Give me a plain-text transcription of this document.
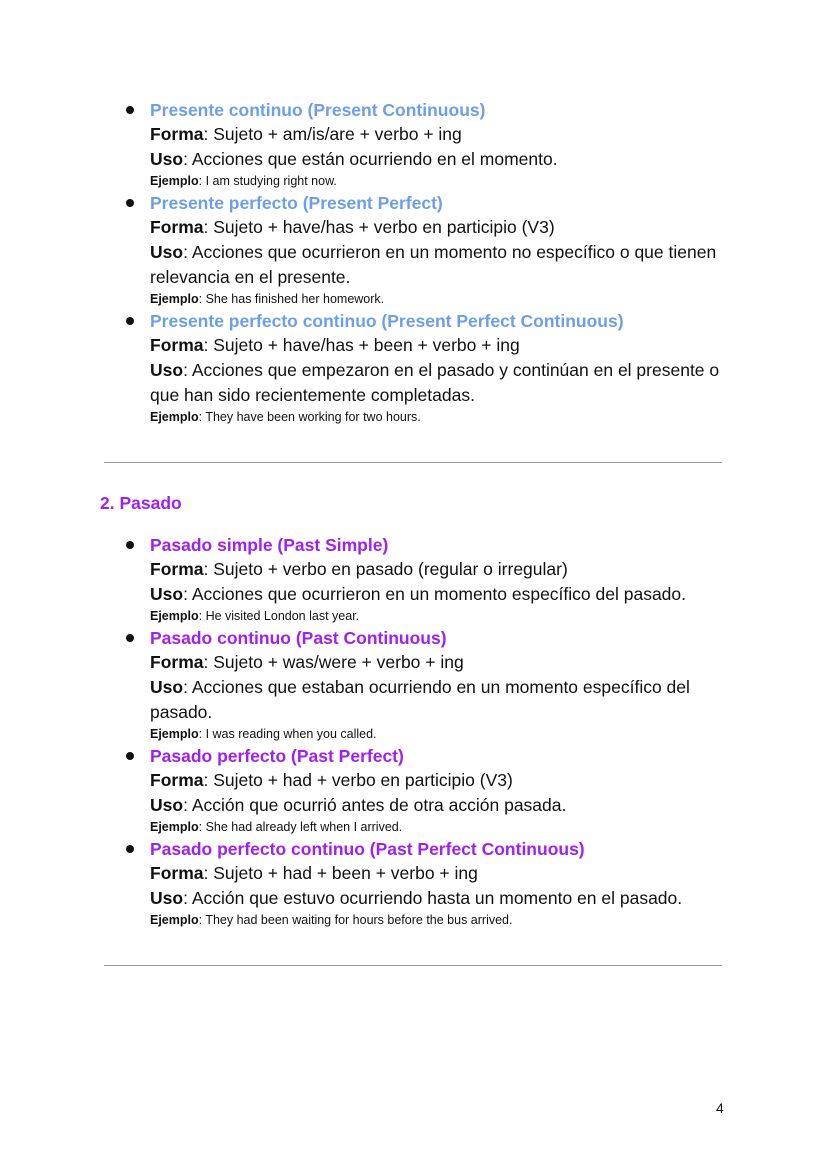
Presente continuo (Present Continuous)
Forma: Sujeto + am/is/are + verbo + ing
Uso: Acciones que están ocurriendo en el momento.
Ejemplo: I am studying right now.
Presente perfecto (Present Perfect)
Forma: Sujeto + have/has + verbo en participio (V3)
Uso: Acciones que ocurrieron en un momento no específico o que tienen relevancia en el presente.
Ejemplo: She has finished her homework.
Presente perfecto continuo (Present Perfect Continuous)
Forma: Sujeto + have/has + been + verbo + ing
Uso: Acciones que empezaron en el pasado y continúan en el presente o que han sido recientemente completadas.
Ejemplo: They have been working for two hours.
2. Pasado
Pasado simple (Past Simple)
Forma: Sujeto + verbo en pasado (regular o irregular)
Uso: Acciones que ocurrieron en un momento específico del pasado.
Ejemplo: He visited London last year.
Pasado continuo (Past Continuous)
Forma: Sujeto + was/were + verbo + ing
Uso: Acciones que estaban ocurriendo en un momento específico del pasado.
Ejemplo: I was reading when you called.
Pasado perfecto (Past Perfect)
Forma: Sujeto + had + verbo en participio (V3)
Uso: Acción que ocurrió antes de otra acción pasada.
Ejemplo: She had already left when I arrived.
Pasado perfecto continuo (Past Perfect Continuous)
Forma: Sujeto + had + been + verbo + ing
Uso: Acción que estuvo ocurriendo hasta un momento en el pasado.
Ejemplo: They had been waiting for hours before the bus arrived.
4
